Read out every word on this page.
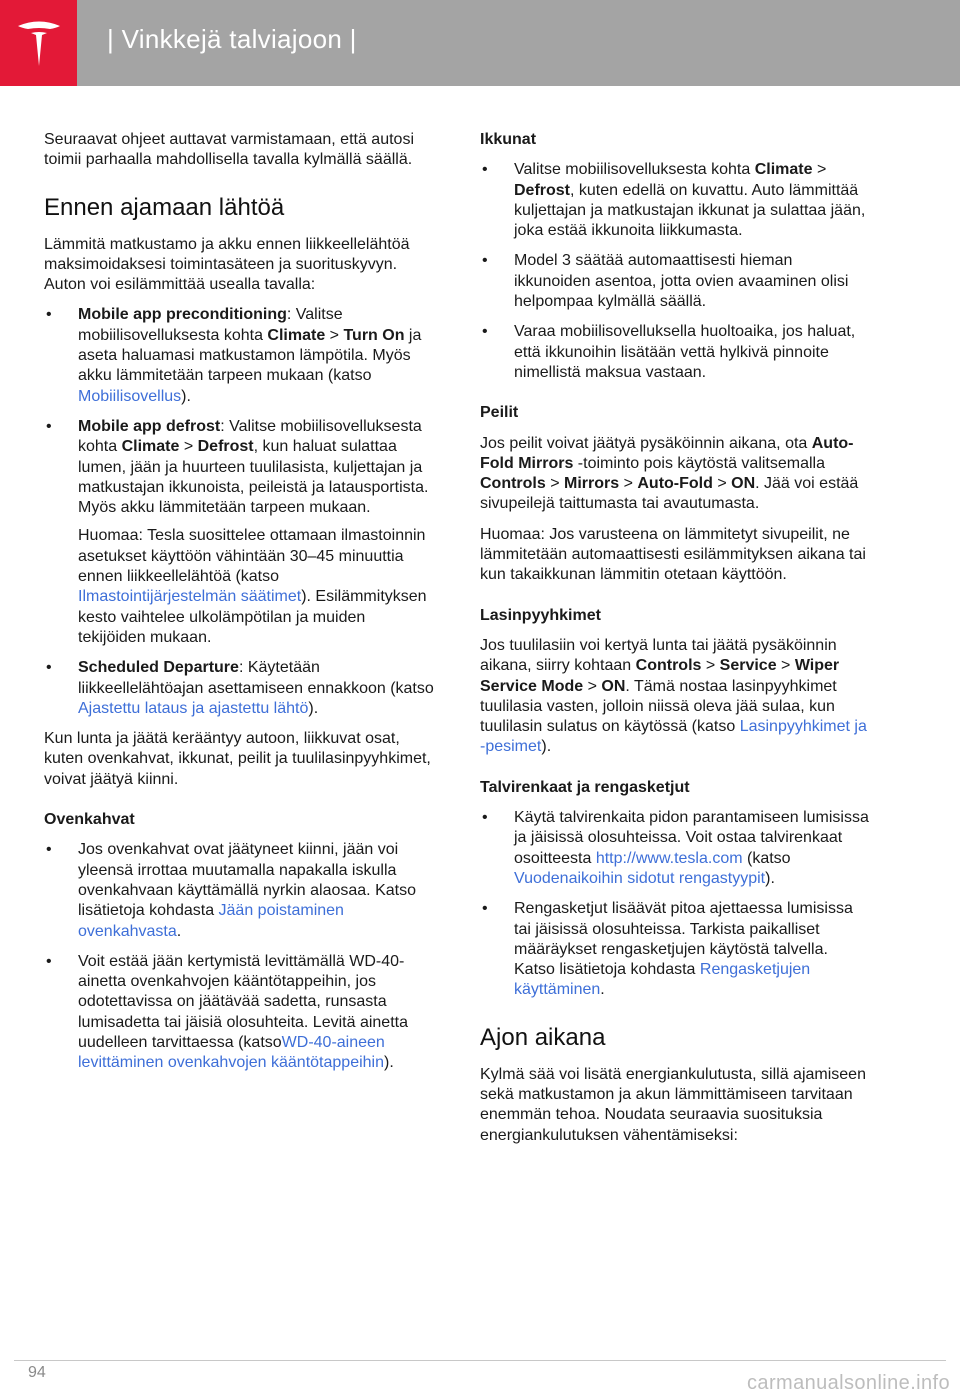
| Vinkkejä talviajoon |

Seuraavat ohjeet auttavat varmistamaan, että autosi toimii parhaalla mahdollisella tavalla kylmällä säällä.

Ennen ajamaan lähtöä

Lämmitä matkustamo ja akku ennen liikkeellelähtöä maksimoidaksesi toimintasäteen ja suorituskyvyn. Auton voi esilämmittää usealla tavalla:

• Mobile app preconditioning: Valitse mobiilisovelluksesta kohta Climate > Turn On ja aseta haluamasi matkustamon lämpötila. Myös akku lämmitetään tarpeen mukaan (katso Mobiilisovellus).
• Mobile app defrost: Valitse mobiilisovelluksesta kohta Climate > Defrost, kun haluat sulattaa lumen, jään ja huurteen tuulilasista, kuljettajan ja matkustajan ikkunoista, peileistä ja latausportista. Myös akku lämmitetään tarpeen mukaan.
Huomaa: Tesla suosittelee ottamaan ilmastoinnin asetukset käyttöön vähintään 30–45 minuuttia ennen liikkeellelähtöä (katso Ilmastointijärjestelmän säätimet). Esilämmityksen kesto vaihtelee ulkolämpötilan ja muiden tekijöiden mukaan.
• Scheduled Departure: Käytetään liikkeellelähtöajan asettamiseen ennakkoon (katso Ajastettu lataus ja ajastettu lähtö).

Kun lunta ja jäätä kerääntyy autoon, liikkuvat osat, kuten ovenkahvat, ikkunat, peilit ja tuulilasinpyyhkimet, voivat jäätyä kiinni.

Ovenkahvat
• Jos ovenkahvat ovat jäätyneet kiinni, jään voi yleensä irrottaa muutamalla napakalla iskulla ovenkahvaan käyttämällä nyrkin alaosaa. Katso lisätietoja kohdasta Jään poistaminen ovenkahvasta.
• Voit estää jään kertymistä levittämällä WD-40-ainetta ovenkahvojen kääntötappeihin, jos odotettavissa on jäätävää sadetta, runsasta lumisadetta tai jäisiä olosuhteita. Levitä ainetta uudelleen tarvittaessa (katsoWD-40-aineen levittäminen ovenkahvojen kääntötappeihin).
Ikkunat
• Valitse mobiilisovelluksesta kohta Climate > Defrost, kuten edellä on kuvattu. Auto lämmittää kuljettajan ja matkustajan ikkunat ja sulattaa jään, joka estää ikkunoita liikkumasta.
• Model 3 säätää automaattisesti hieman ikkunoiden asentoa, jotta ovien avaaminen olisi helpompaa kylmällä säällä.
• Varaa mobiilisovelluksella huoltoaika, jos haluat, että ikkunoihin lisätään vettä hylkivä pinnoite nimellistä maksua vastaan.
Peilit

Jos peilit voivat jäätyä pysäköinnin aikana, ota Auto-Fold Mirrors -toiminto pois käytöstä valitsemalla Controls > Mirrors > Auto-Fold > ON. Jää voi estää sivupeilejä taittumasta tai avautumasta.

Huomaa: Jos varusteena on lämmitetyt sivupeilit, ne lämmitetään automaattisesti esilämmityksen aikana tai kun takaikkunan lämmitin otetaan käyttöön.

Lasinpyyhkimet

Jos tuulilasiin voi kertyä lunta tai jäätä pysäköinnin aikana, siirry kohtaan Controls > Service > Wiper Service Mode > ON. Tämä nostaa lasinpyyhkimet tuulilasia vasten, jolloin niissä oleva jää sulaa, kun tuulilasin sulatus on käytössä (katso Lasinpyyhkimet ja -pesimet).

Talvirenkaat ja rengasketjut
• Käytä talvirenkaita pidon parantamiseen lumisissa ja jäisissä olosuhteissa. Voit ostaa talvirenkaat osoitteesta http://www.tesla.com (katso Vuodenaikoihin sidotut rengastyypit).
• Rengasketjut lisäävät pitoa ajettaessa lumisissa tai jäisissä olosuhteissa. Tarkista paikalliset määräykset rengasketjujen käytöstä talvella. Katso lisätietoja kohdasta Rengasketjujen käyttäminen.
Ajon aikana

Kylmä sää voi lisätä energiankulutusta, sillä ajamiseen sekä matkustamon ja akun lämmittämiseen tarvitaan enemmän tehoa. Noudata seuraavia suosituksia energiankulutuksen vähentämiseksi:

94	carmanualsonline.info
